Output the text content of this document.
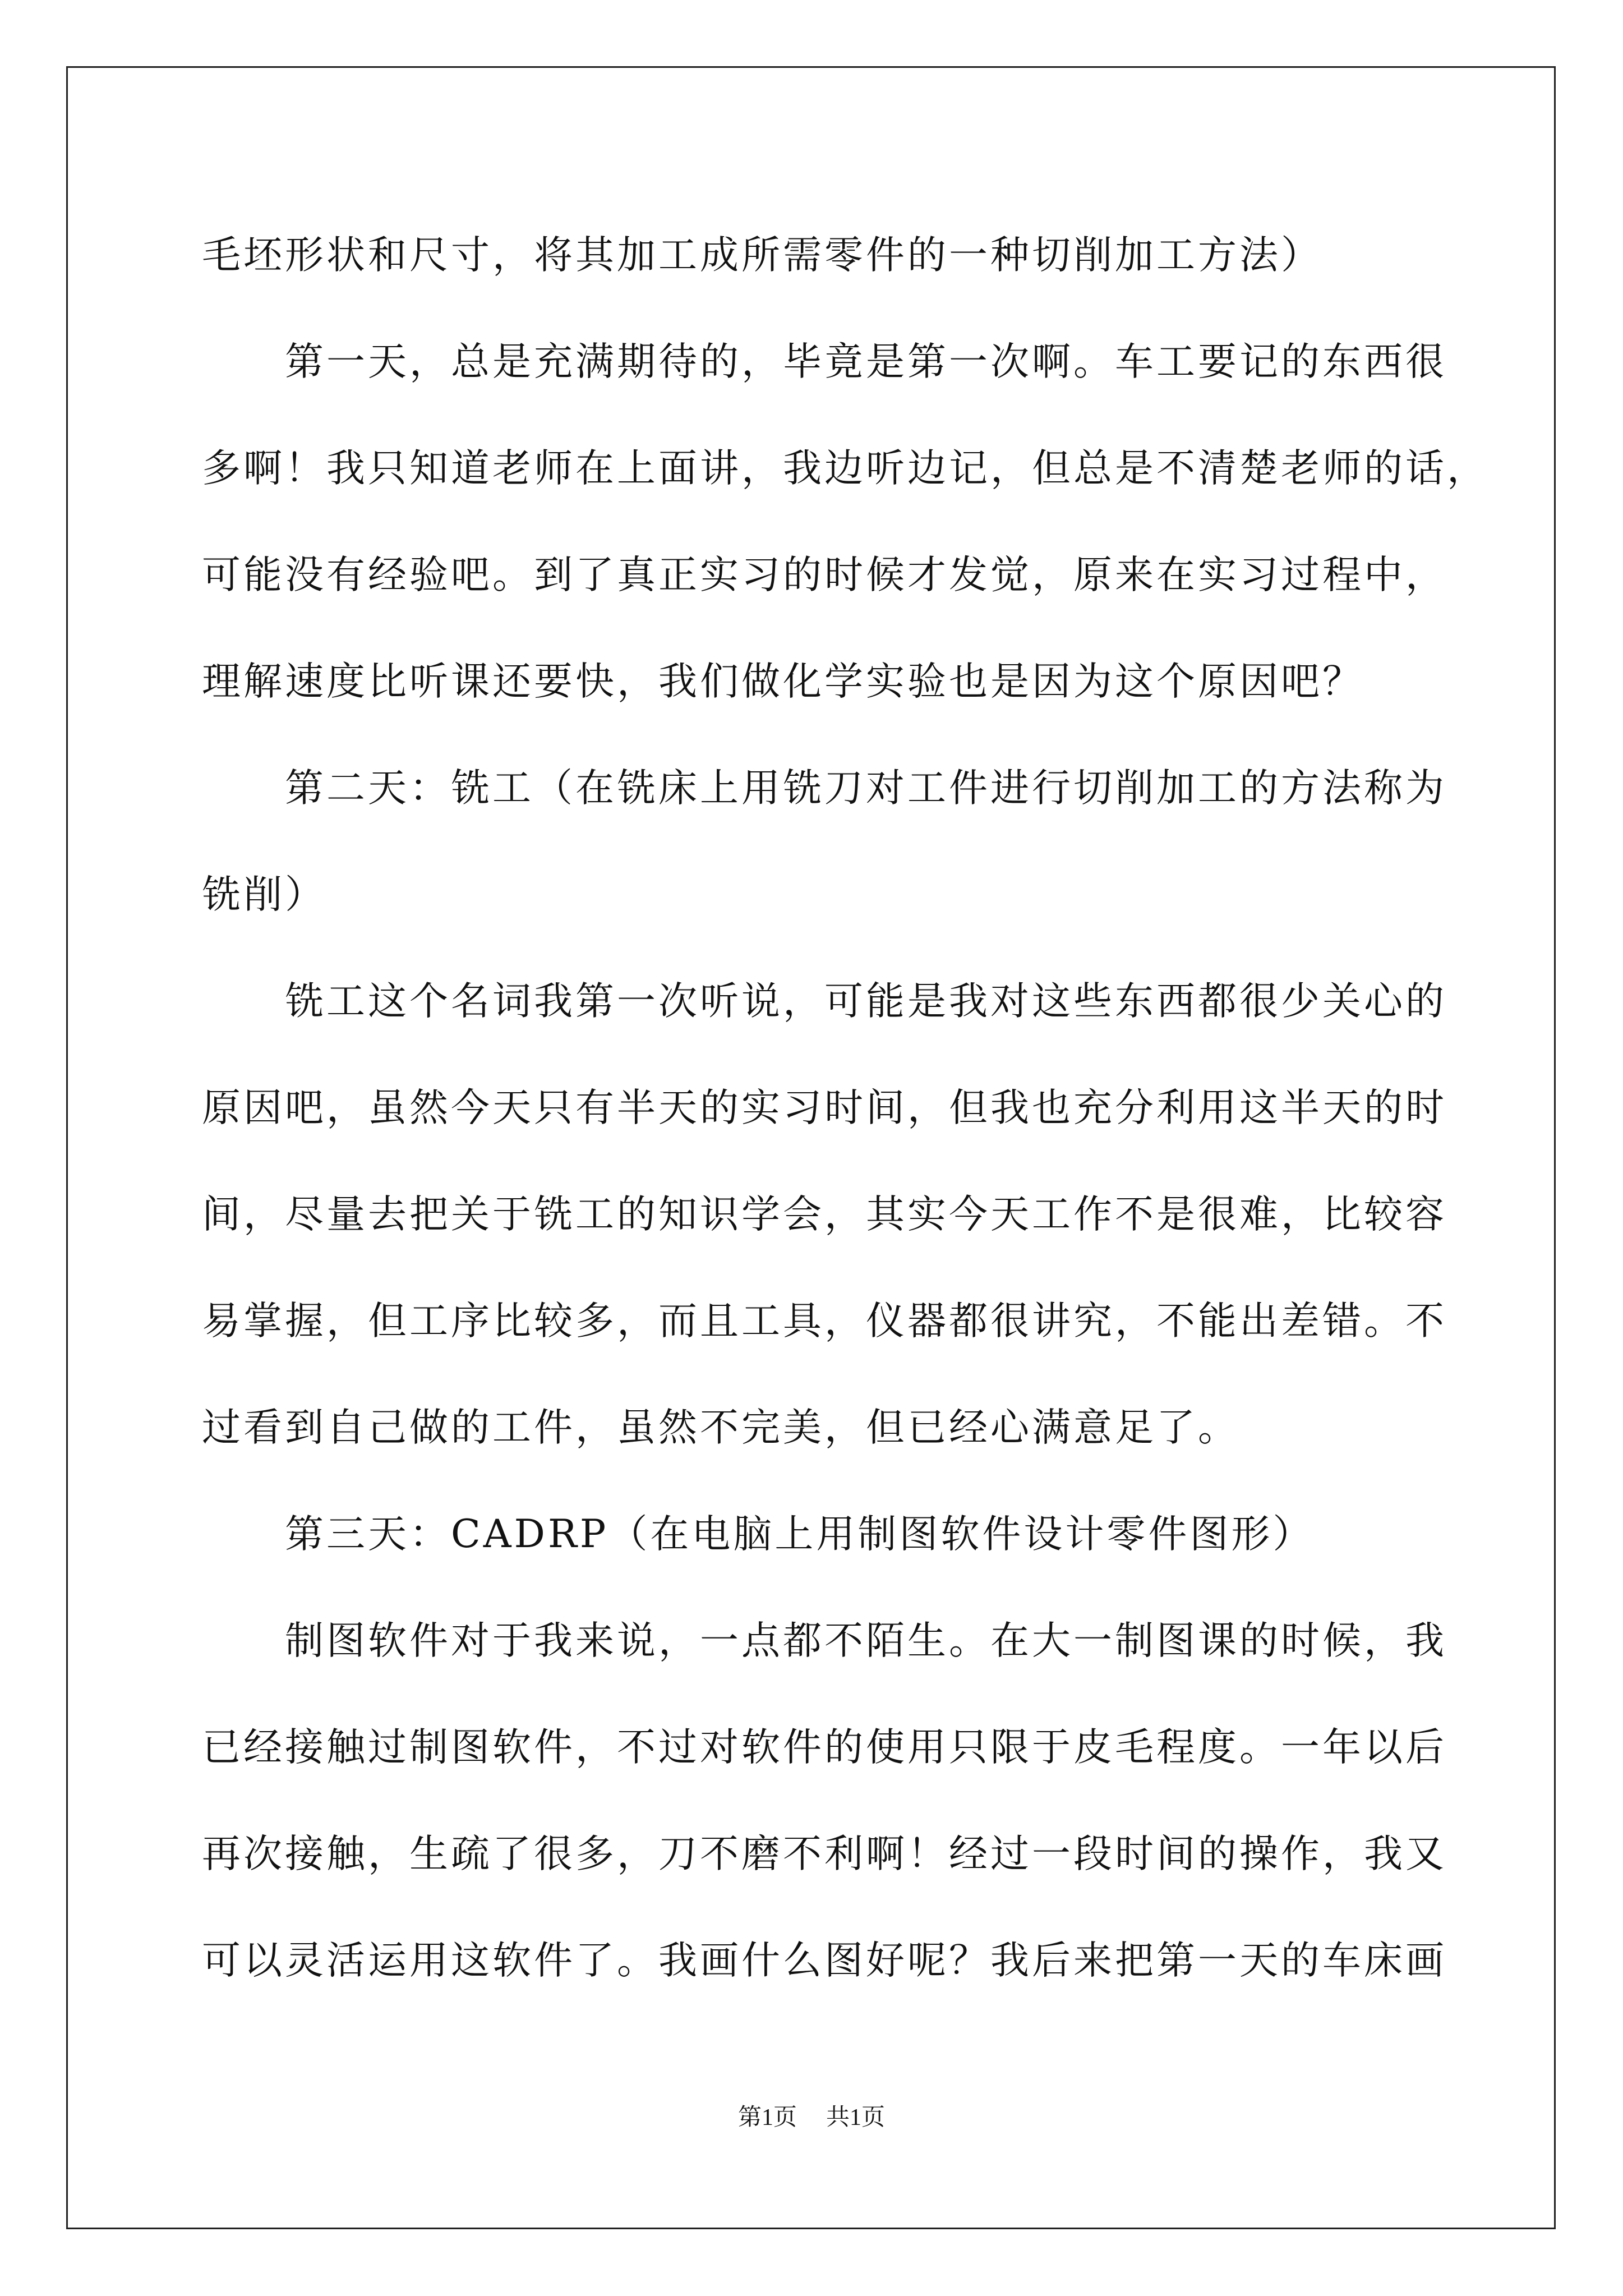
毛坯形状和尺寸，将其加工成所需零件的一种切削加工方法）
第一天，总是充满期待的，毕竟是第一次啊。车工要记的东西很
多啊！我只知道老师在上面讲，我边听边记，但总是不清楚老师的话，
可能没有经验吧。到了真正实习的时候才发觉，原来在实习过程中，
理解速度比听课还要快，我们做化学实验也是因为这个原因吧？
第二天：铣工（在铣床上用铣刀对工件进行切削加工的方法称为
铣削）
铣工这个名词我第一次听说，可能是我对这些东西都很少关心的
原因吧，虽然今天只有半天的实习时间，但我也充分利用这半天的时
间，尽量去把关于铣工的知识学会，其实今天工作不是很难，比较容
易掌握，但工序比较多，而且工具，仪器都很讲究，不能出差错。不
过看到自己做的工件，虽然不完美，但已经心满意足了。
第三天：CADRP（在电脑上用制图软件设计零件图形）
制图软件对于我来说，一点都不陌生。在大一制图课的时候，我
已经接触过制图软件，不过对软件的使用只限于皮毛程度。一年以后
再次接触，生疏了很多，刀不磨不利啊！经过一段时间的操作，我又
可以灵活运用这软件了。我画什么图好呢？我后来把第一天的车床画
第1页 共1页
